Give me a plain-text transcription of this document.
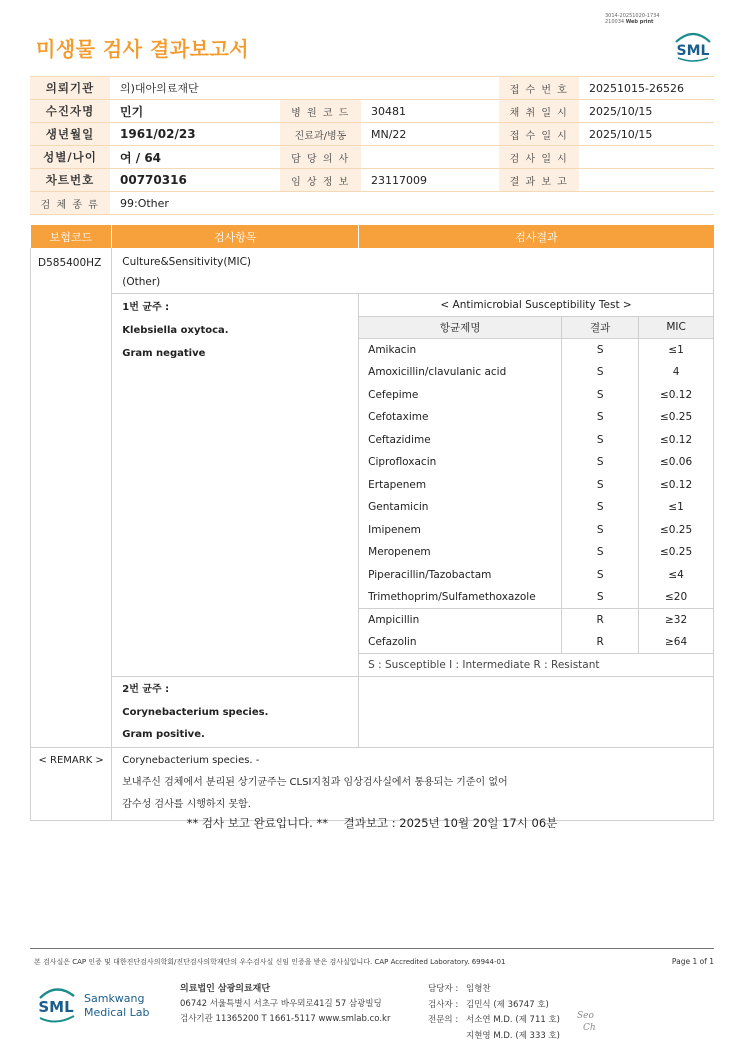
3014-20251020-1734
210034 Web print
미생물 검사 결과보고서	SML
의뢰기관	의)대아의료재단			접 수 번 호	20251015-26526
수진자명	민기	병 원 코 드	30481	채 취 일 시	2025/10/15
생년월일	1961/02/23	진료과/병동	MN/22	접 수 일 시	2025/10/15
성별/나이	여 / 64	담 당 의 사		검 사 일 시	
차트번호	00770316	임 상 정 보	23117009	결 과 보 고	
검 체 종 류	99:Other				
보험코드	검사항목	검사결과
D585400HZ	Culture&Sensitivity(MIC)
(Other)

1번 균주 :
Klebsiella oxytoca.
Gram negative

< Antimicrobial Susceptibility Test >
항균제명	결과	MIC
Amikacin	S	≤1
Amoxicillin/clavulanic acid	S	4
Cefepime	S	≤0.12
Cefotaxime	S	≤0.25
Ceftazidime	S	≤0.12
Ciprofloxacin	S	≤0.06
Ertapenem	S	≤0.12
Gentamicin	S	≤1
Imipenem	S	≤0.25
Meropenem	S	≤0.25
Piperacillin/Tazobactam	S	≤4
Trimethoprim/Sulfamethoxazole	S	≤20
Ampicillin	R	≥32
Cefazolin	R	≥64
S : Susceptible I : Intermediate R : Resistant

2번 균주 :
Corynebacterium species.
Gram positive.

< REMARK >	Corynebacterium species. -
보내주신 검체에서 분리된 상기균주는 CLSI지침과 임상검사실에서 통용되는 기준이 없어
감수성 검사를 시행하지 못함.
** 검사 보고 완료입니다. ** 결과보고 : 2025년 10월 20일 17시 06분
본 검사실은 CAP 인증 및 대한진단검사의학회/진단검사의학재단의 우수검사실 신임 인증을 받은 검사실입니다. CAP Accredited Laboratory. 69944-01	Page 1 of 1
SML Samkwang
Medical Lab
의료법인 삼광의료재단
06742 서울특별시 서초구 바우뫼로41길 57 삼광빌딩
검사기관 11365200 T 1661-5117 www.smlab.co.kr
담당자 : 임형찬
검사자 : 김민식 (제 36747 호)
전문의 : 서소연 M.D. (제 711 호)
지현영 M.D. (제 333 호)
Seo
Ch
